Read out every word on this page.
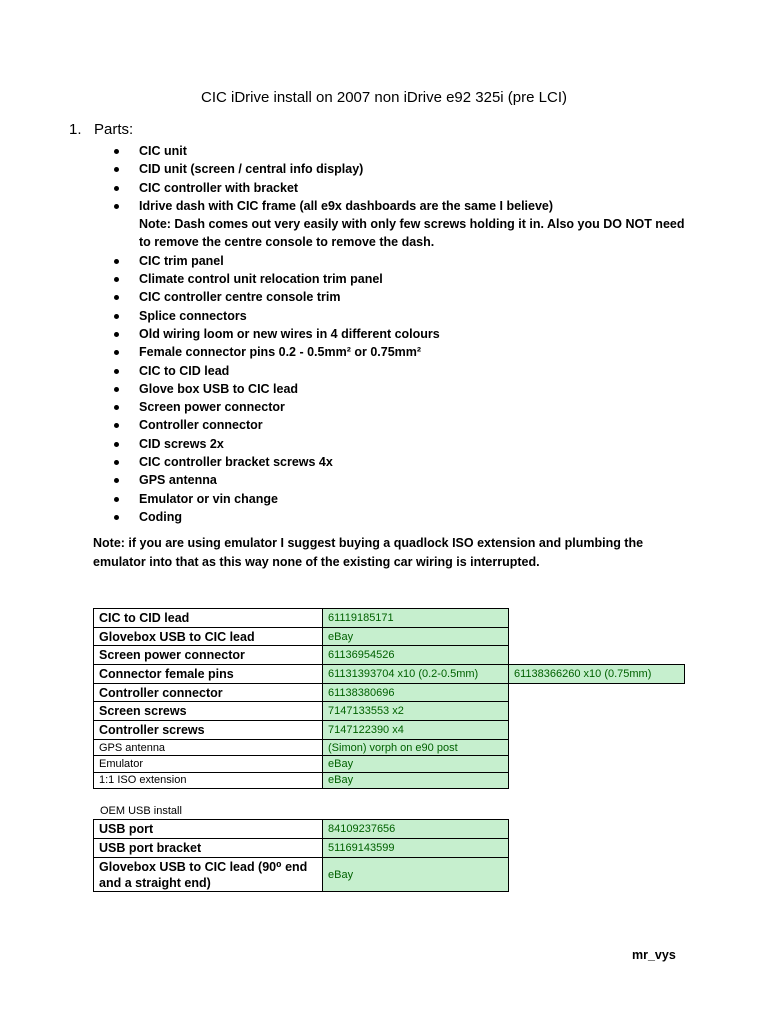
CIC iDrive install on 2007 non iDrive e92 325i (pre LCI)
1. Parts:
CIC unit
CID unit (screen / central info display)
CIC controller with bracket
Idrive dash with CIC frame (all e9x dashboards are the same I believe)
Note: Dash comes out very easily with only few screws holding it in. Also you DO NOT need to remove the centre console to remove the dash.
CIC trim panel
Climate control unit relocation trim panel
CIC controller centre console trim
Splice connectors
Old wiring loom or new wires in 4 different colours
Female connector pins 0.2 - 0.5mm² or 0.75mm²
CIC to CID lead
Glove box USB to CIC lead
Screen power connector
Controller connector
CID screws 2x
CIC controller bracket screws 4x
GPS antenna
Emulator or vin change
Coding
Note: if you are using emulator I suggest buying a quadlock ISO extension and plumbing the emulator into that as this way none of the existing car wiring is interrupted.
CIC to CID lead	61119185171	
Glovebox USB to CIC lead	eBay	
Screen power connector	61136954526	
Connector female pins	61131393704 x10 (0.2-0.5mm)	61138366260 x10 (0.75mm)
Controller connector	61138380696	
Screen screws	7147133553 x2	
Controller screws	7147122390 x4	
GPS antenna	(Simon) vorph on e90 post	
Emulator	eBay	
1:1 ISO extension	eBay	
OEM USB install
USB port	84109237656
USB port bracket	51169143599
Glovebox USB to CIC lead (90⁰ end and a straight end)	eBay
mr_vys
